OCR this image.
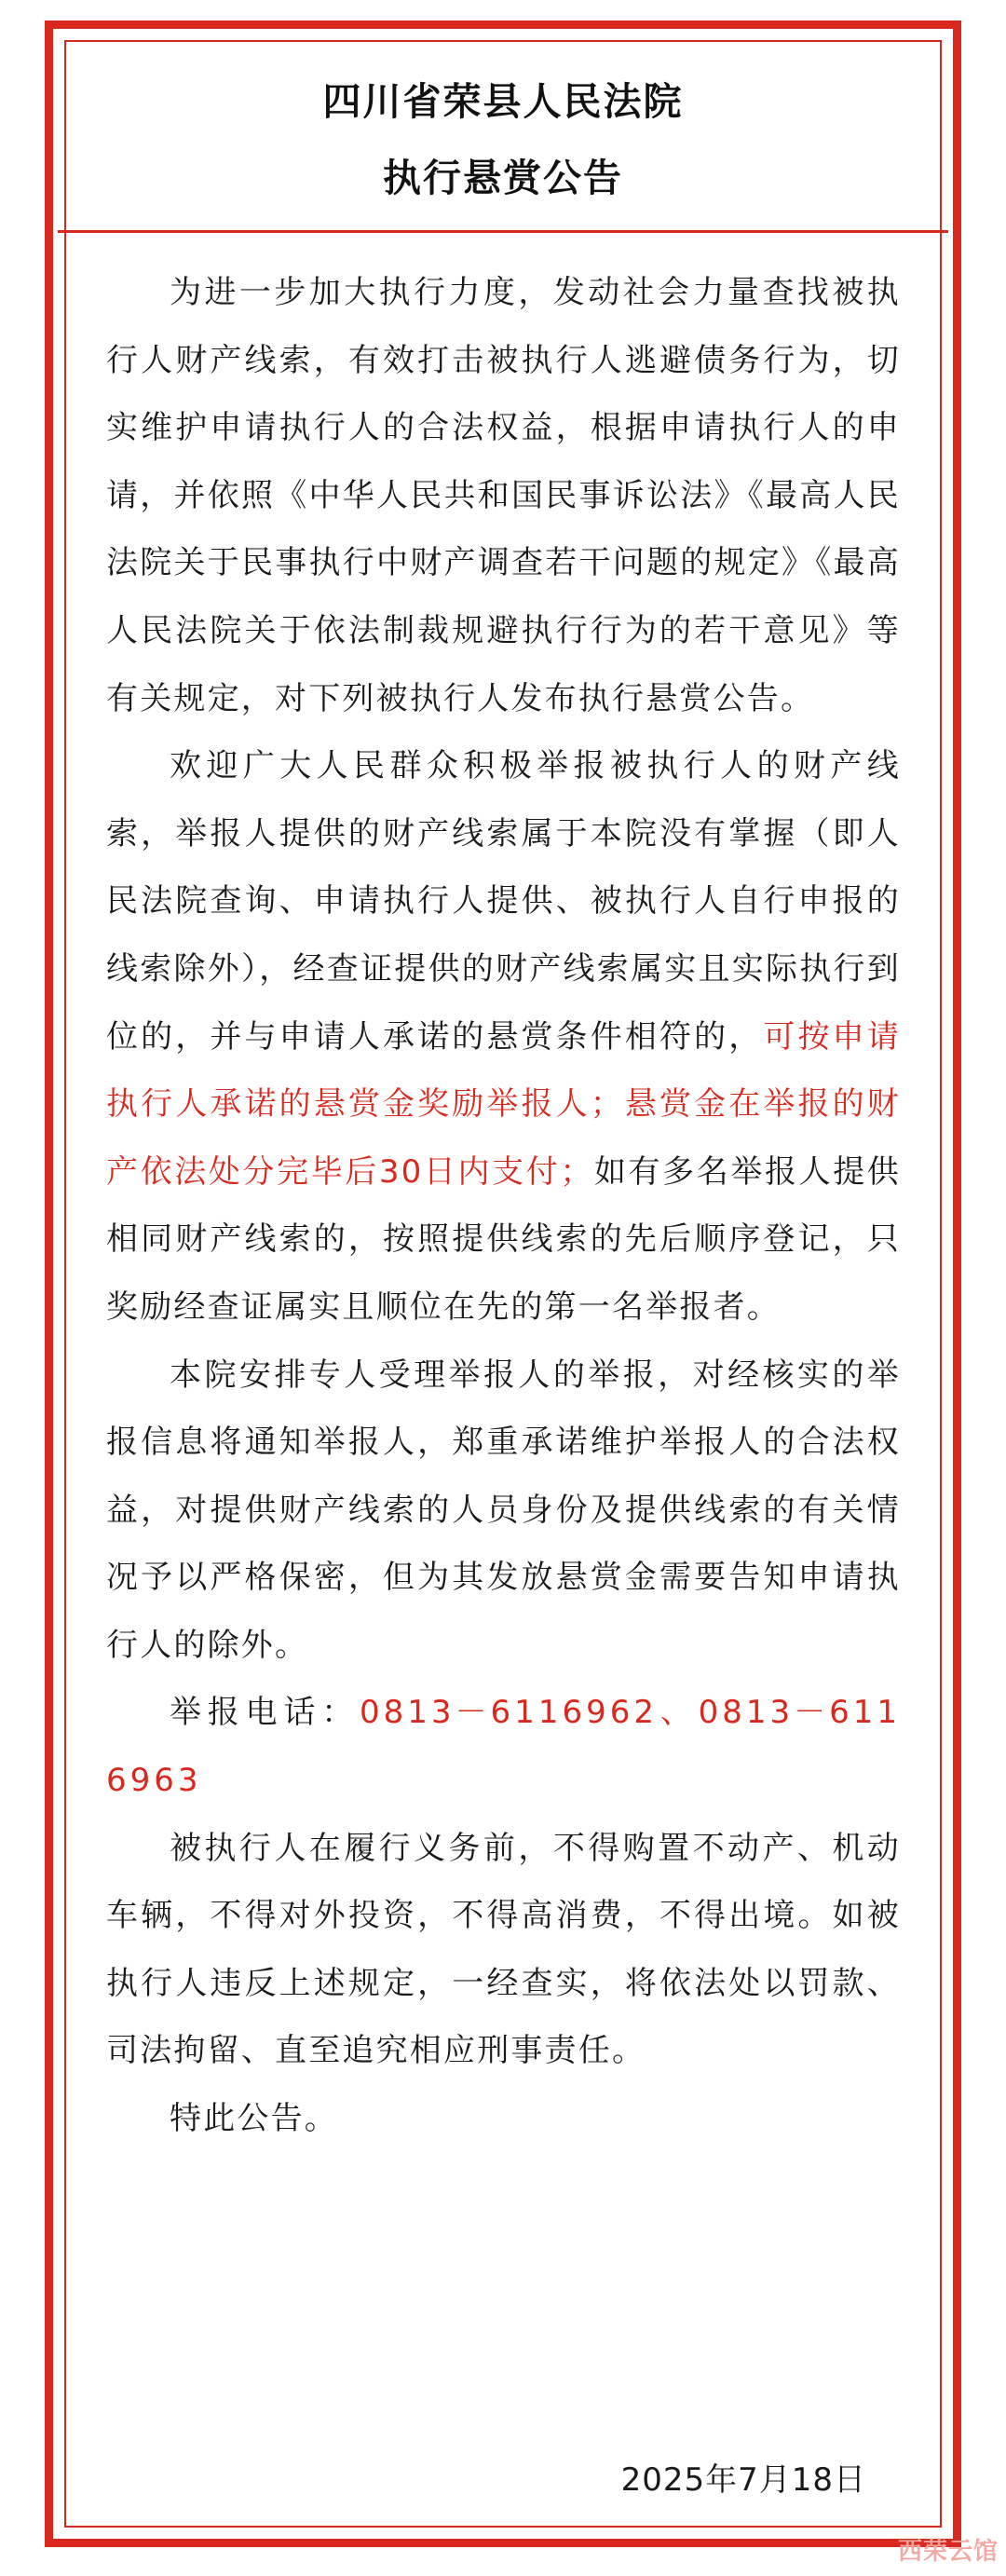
四川省荣县人民法院
执行悬赏公告

为进一步加大执行力度，发动社会力量查找被执行人财产线索，有效打击被执行人逃避债务行为，切实维护申请执行人的合法权益，根据申请执行人的申请，并依照《中华人民共和国民事诉讼法》《最高人民法院关于民事执行中财产调查若干问题的规定》《最高人民法院关于依法制裁规避执行行为的若干意见》等有关规定，对下列被执行人发布执行悬赏公告。

欢迎广大人民群众积极举报被执行人的财产线索，举报人提供的财产线索属于本院没有掌握（即人民法院查询、申请执行人提供、被执行人自行申报的线索除外），经查证提供的财产线索属实且实际执行到位的，并与申请人承诺的悬赏条件相符的，可按申请执行人承诺的悬赏金奖励举报人；悬赏金在举报的财产依法处分完毕后30日内支付；如有多名举报人提供相同财产线索的，按照提供线索的先后顺序登记，只奖励经查证属实且顺位在先的第一名举报者。

本院安排专人受理举报人的举报，对经核实的举报信息将通知举报人，郑重承诺维护举报人的合法权益，对提供财产线索的人员身份及提供线索的有关情况予以严格保密，但为其发放悬赏金需要告知申请执行人的除外。

举报电话：0813－6116962、0813－6116963

被执行人在履行义务前，不得购置不动产、机动车辆，不得对外投资，不得高消费，不得出境。如被执行人违反上述规定，一经查实，将依法处以罚款、司法拘留、直至追究相应刑事责任。

特此公告。

2025年7月18日
西荣云馆
